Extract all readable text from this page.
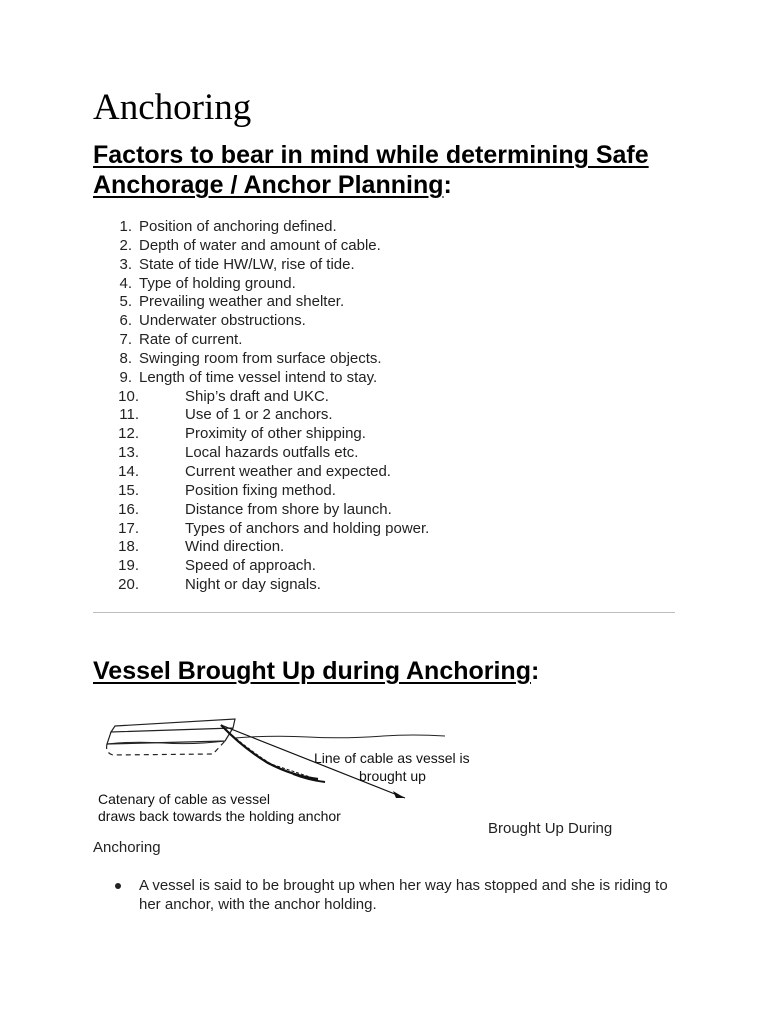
Anchoring
Factors to bear in mind while determining Safe Anchorage / Anchor Planning:
1. Position of anchoring defined.
2. Depth of water and amount of cable.
3. State of tide HW/LW, rise of tide.
4. Type of holding ground.
5. Prevailing weather and shelter.
6. Underwater obstructions.
7. Rate of current.
8. Swinging room from surface objects.
9. Length of time vessel intend to stay.
10.	Ship’s draft and UKC.
11.	Use of 1 or 2 anchors.
12.	Proximity of other shipping.
13.	Local hazards outfalls etc.
14.	Current weather and expected.
15.	Position fixing method.
16.	Distance from shore by launch.
17.	Types of anchors and holding power.
18.	Wind direction.
19.	Speed of approach.
20.	Night or day signals.
Vessel Brought Up during Anchoring:
Line of cable as vessel is
brought up
Catenary of cable as vessel
draws back towards the holding anchor
Brought Up During
Anchoring
A vessel is said to be brought up when her way has stopped and she is riding to her anchor, with the anchor holding.
